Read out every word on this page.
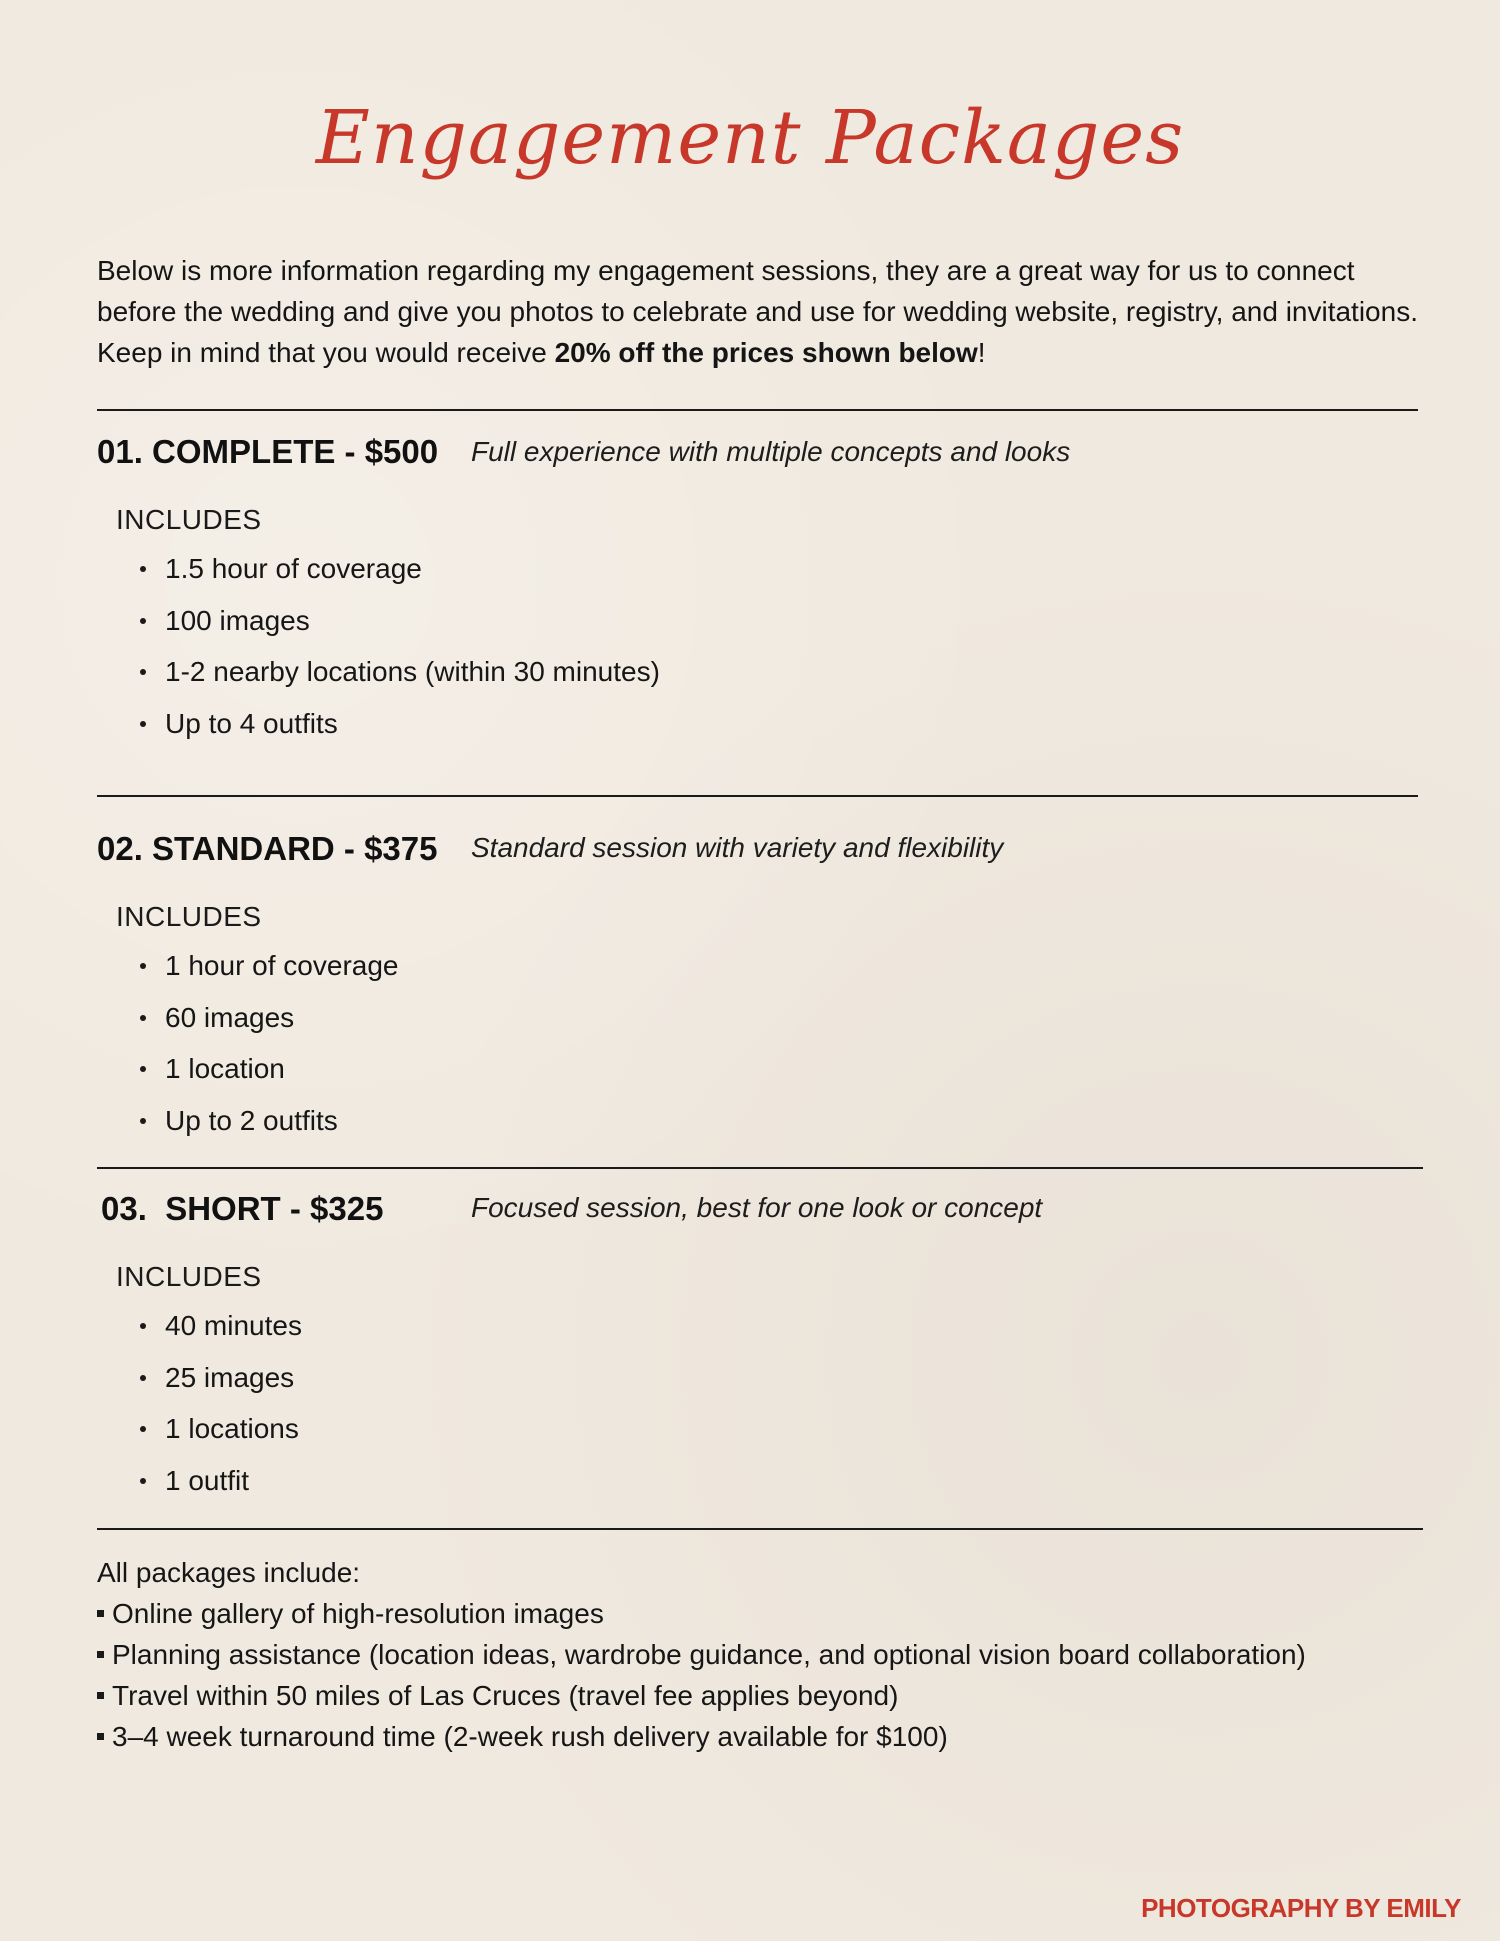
Engagement Packages
Below is more information regarding my engagement sessions, they are a great way for us to connect before the wedding and give you photos to celebrate and use for wedding website, registry, and invitations. Keep in mind that you would receive 20% off the prices shown below!
01. COMPLETE - $500 Full experience with multiple concepts and looks
INCLUDES
1.5 hour of coverage
100 images
1-2 nearby locations (within 30 minutes)
Up to 4 outfits
02. STANDARD - $375 Standard session with variety and flexibility
INCLUDES
1 hour of coverage
60 images
1 location
Up to 2 outfits
03.  SHORT - $325	Focused session, best for one look or concept
INCLUDES
40 minutes
25 images
1 locations
1 outfit
All packages include:
Online gallery of high-resolution images
Planning assistance (location ideas, wardrobe guidance, and optional vision board collaboration)
Travel within 50 miles of Las Cruces (travel fee applies beyond)
3–4 week turnaround time (2-week rush delivery available for $100)
PHOTOGRAPHY BY EMILY
